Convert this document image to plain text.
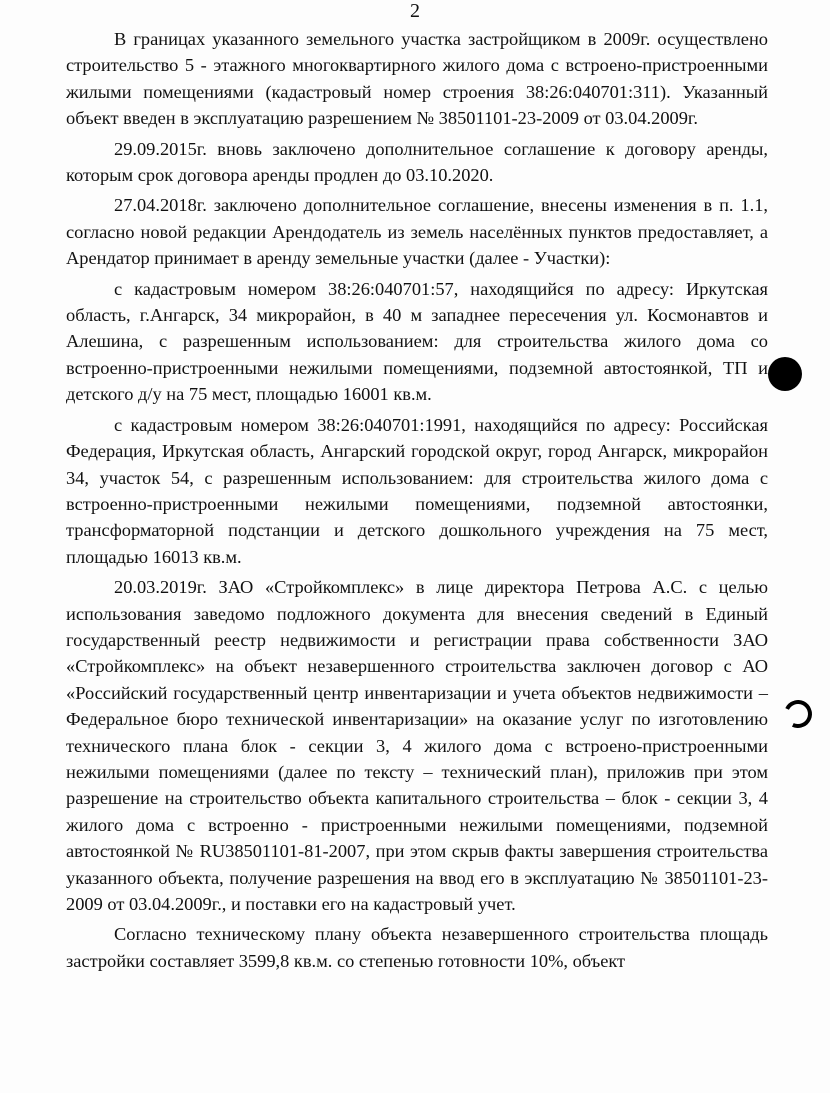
2

В границах указанного земельного участка застройщиком в 2009г. осуществлено строительство 5 - этажного многоквартирного жилого дома с встроено-пристроенными жилыми помещениями (кадастровый номер строения 38:26:040701:311). Указанный объект введен в эксплуатацию разрешением № 38501101-23-2009 от 03.04.2009г.

29.09.2015г. вновь заключено дополнительное соглашение к договору аренды, которым срок договора аренды продлен до 03.10.2020.

27.04.2018г. заключено дополнительное соглашение, внесены изменения в п. 1.1, согласно новой редакции Арендодатель из земель населённых пунктов предоставляет, а Арендатор принимает в аренду земельные участки (далее - Участки):

с кадастровым номером 38:26:040701:57, находящийся по адресу: Иркутская область, г.Ангарск, 34 микрорайон, в 40 м западнее пересечения ул. Космонавтов и Алешина, с разрешенным использованием: для строительства жилого дома со встроенно-пристроенными нежилыми помещениями, подземной автостоянкой, ТП и детского д/у на 75 мест, площадью 16001 кв.м.

с кадастровым номером 38:26:040701:1991, находящийся по адресу: Российская Федерация, Иркутская область, Ангарский городской округ, город Ангарск, микрорайон 34, участок 54, с разрешенным использованием: для строительства жилого дома с встроенно-пристроенными нежилыми помещениями, подземной автостоянки, трансформаторной подстанции и детского дошкольного учреждения на 75 мест, площадью 16013 кв.м.

20.03.2019г. ЗАО «Стройкомплекс» в лице директора Петрова А.С. с целью использования заведомо подложного документа для внесения сведений в Единый государственный реестр недвижимости и регистрации права собственности ЗАО «Стройкомплекс» на объект незавершенного строительства заключен договор с АО «Российский государственный центр инвентаризации и учета объектов недвижимости – Федеральное бюро технической инвентаризации» на оказание услуг по изготовлению технического плана блок - секции 3, 4 жилого дома с встроено-пристроенными нежилыми помещениями (далее по тексту – технический план), приложив при этом разрешение на строительство объекта капитального строительства – блок - секции 3, 4 жилого дома с встроенно - пристроенными нежилыми помещениями, подземной автостоянкой № RU38501101-81-2007, при этом скрыв факты завершения строительства указанного объекта, получение разрешения на ввод его в эксплуатацию № 38501101-23-2009 от 03.04.2009г., и поставки его на кадастровый учет.

Согласно техническому плану объекта незавершенного строительства площадь застройки составляет 3599,8 кв.м. со степенью готовности 10%, объект
